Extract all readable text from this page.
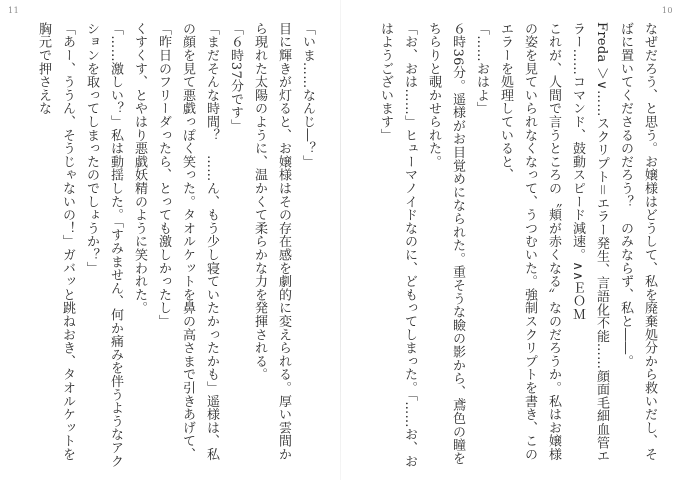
11	10
なぜだろう、と思う。お嬢様はどうして、私を廃棄処分から救いだし、そばに置いてくださるのだろう？　のみならず、私と――。
Freda ＞∨……スクリプト＝エラー発生、言語化不能……顔面毛細血管エラー……コマンド、鼓動スピード減速。∧∧ＥＯＭ
これが、人間で言うところの〝頬が赤くなる〟なのだろうか。私はお嬢様の姿を見ていられなくなって、うつむいた。強制スクリプトを書き、このエラーを処理していると、
「……おはよ」
６時36分。遥様がお目覚めになられた。重そうな瞼の影から、鳶色の瞳をちらりと覗かせられた。
「お、おは……」ヒューマノイドなのに、どもってしまった。「……お、おはようございます」
「いま……なんじ―？」
目に輝きが灯ると、お嬢様はその存在感を劇的に変えられる。厚い雲間から現れた太陽のように、温かくて柔らかな力を発揮される。
「６時37分です」
「まだそんな時間？　……ん、もう少し寝ていたかったかも」遥様は、私の顔を見て悪戯っぽく笑った。タオルケットを鼻の高さまで引きあげて、「昨日のフリーダったら、とっても激しかったし」
くすくす、とやはり悪戯妖精のように笑われた。
「……激しい？」私は動揺した。「すみません、何か痛みを伴うようなアクションを取ってしまったのでしょうか？」
「あー、ううん、そうじゃないの！」ガバッと跳ねおき、タオルケットを胸元で押さえな
